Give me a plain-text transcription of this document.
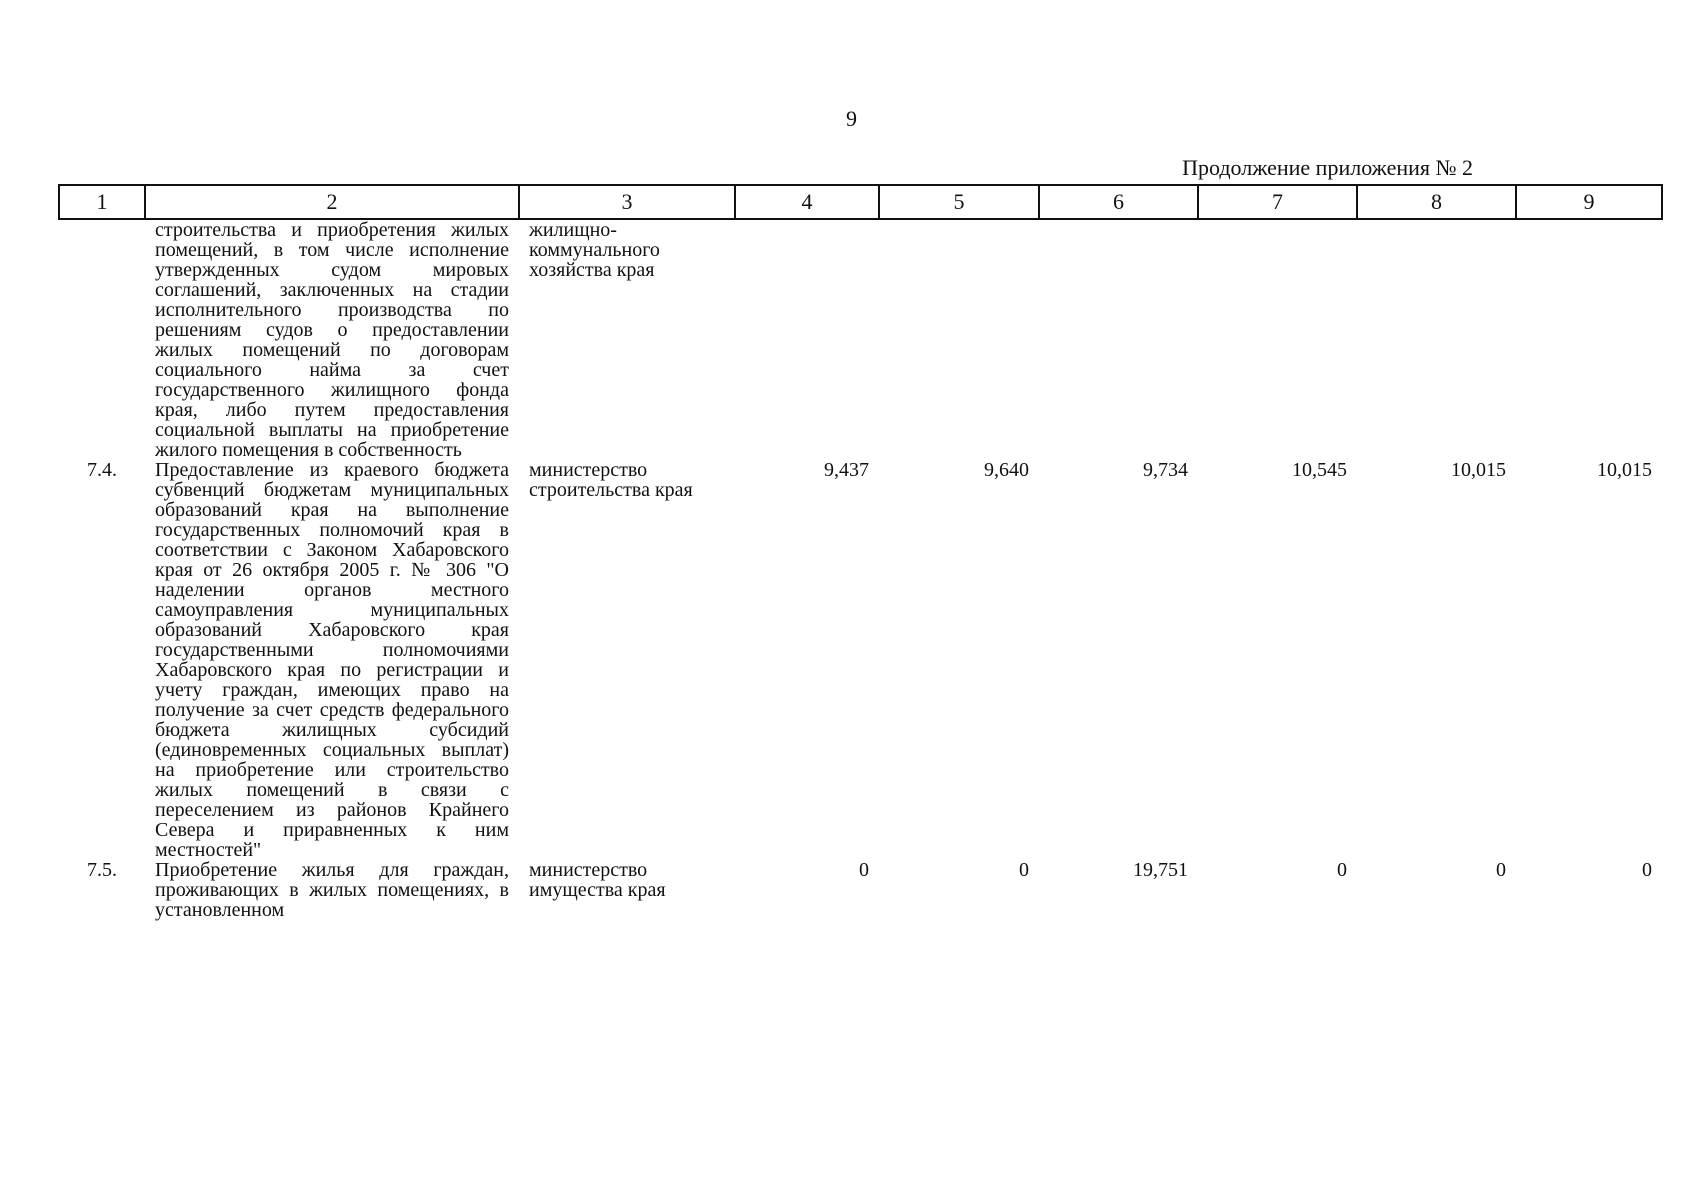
9
Продолжение приложения № 2
1	2	3	4	5	6	7	8	9
	строительства и приобретения жилых помещений, в том числе исполнение утвержденных судом мировых соглашений, заключенных на стадии исполнительного производства по решениям судов о предоставлении жилых помещений по договорам социального найма за счет государственного жилищного фонда края, либо путем предоставления социальной выплаты на приобретение жилого помещения в собственность	жилищно-коммунального хозяйства края						
7.4.	Предоставление из краевого бюджета субвенций бюджетам муниципальных образований края на выполнение государственных полномочий края в соответствии с Законом Хабаровского края от 26 октября 2005 г. № 306 "О наделении органов местного самоуправления муниципальных образований Хабаровского края государственными полномочиями Хабаровского края по регистрации и учету граждан, имеющих право на получение за счет средств федерального бюджета жилищных субсидий (единовременных социальных выплат) на приобретение или строительство жилых помещений в связи с переселением из районов Крайнего Севера и приравненных к ним местностей"	министерство строительства края	9,437	9,640	9,734	10,545	10,015	10,015
7.5.	Приобретение жилья для граждан, проживающих в жилых помещениях, в установленном	министерство имущества края	0	0	19,751	0	0	0
